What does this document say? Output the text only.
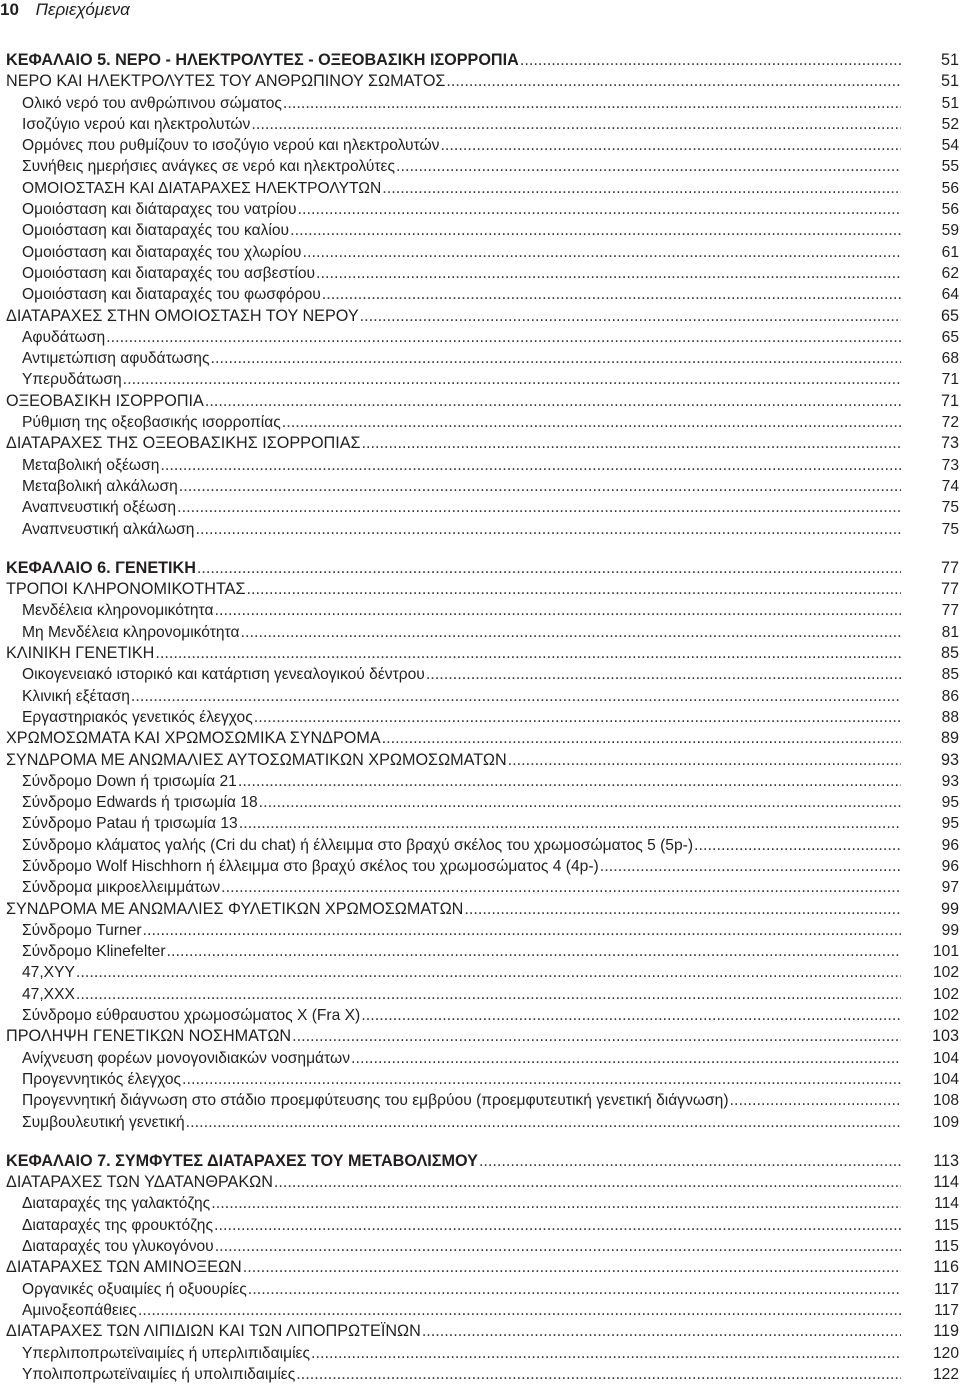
10 Περιεχόμενα
ΚΕΦΑΛΑΙΟ 5. ΝΕΡΟ - ΗΛΕΚΤΡΟΛΥΤΕΣ - ΟΞΕΟΒΑΣΙΚΗ ΙΣΟΡΡΟΠΙΑ .....	51
ΝΕΡΟ ΚΑΙ ΗΛΕΚΤΡΟΛΥΤΕΣ ΤΟΥ ΑΝΘΡΩΠΙΝΟΥ ΣΩΜΑΤΟΣ .....	51
Ολικό νερό του ανθρώπινου σώματος .....	51
Ισοζύγιο νερού και ηλεκτρολυτών .....	52
Ορμόνες που ρυθμίζουν το ισοζύγιο νερού και ηλεκτρολυτών .....	54
Συνήθεις ημερήσιες ανάγκες σε νερό και ηλεκτρολύτες .....	55
ΟΜΟΙΟΣΤΑΣΗ ΚΑΙ ΔΙΑΤΑΡΑΧΕΣ ΗΛΕΚΤΡΟΛΥΤΩΝ .....	56
Ομοιόσταση και διάταραχες του νατρίου .....	56
Ομοιόσταση και διαταραχές του καλίου .....	59
Ομοιόσταση και διαταραχές του χλωρίου .....	61
Ομοιόσταση και διαταραχές του ασβεστίου .....	62
Ομοιόσταση και διαταραχές του φωσφόρου .....	64
ΔΙΑΤΑΡΑΧΕΣ ΣΤΗΝ ΟΜΟΙΟΣΤΑΣΗ ΤΟΥ ΝΕΡΟΥ .....	65
Αφυδάτωση .....	65
Αντιμετώπιση αφυδάτωσης .....	68
Υπερυδάτωση .....	71
ΟΞΕΟΒΑΣΙΚΗ ΙΣΟΡΡΟΠΙΑ .....	71
Ρύθμιση της οξεοβασικής ισορροπίας .....	72
ΔΙΑΤΑΡΑΧΕΣ ΤΗΣ ΟΞΕΟΒΑΣΙΚΗΣ ΙΣΟΡΡΟΠΙΑΣ .....	73
Μεταβολική οξέωση .....	73
Μεταβολική αλκάλωση .....	74
Αναπνευστική οξέωση .....	75
Αναπνευστική αλκάλωση .....	75
ΚΕΦΑΛΑΙΟ 6. ΓΕΝΕΤΙΚΗ .....	77
ΤΡΟΠΟΙ ΚΛΗΡΟΝΟΜΙΚΟΤΗΤΑΣ .....	77
Μενδέλεια κληρονομικότητα .....	77
Μη Μενδέλεια κληρονομικότητα .....	81
ΚΛΙΝΙΚΗ ΓΕΝΕΤΙΚΗ .....	85
Οικογενειακό ιστορικό και κατάρτιση γενεαλογικού δέντρου .....	85
Κλινική εξέταση .....	86
Εργαστηριακός γενετικός έλεγχος .....	88
ΧΡΩΜΟΣΩΜΑΤΑ ΚΑΙ ΧΡΩΜΟΣΩΜΙΚΑ ΣΥΝΔΡΟΜΑ .....	89
ΣΥΝΔΡΟΜΑ ΜΕ ΑΝΩΜΑΛΙΕΣ ΑΥΤΟΣΩΜΑΤΙΚΩΝ ΧΡΩΜΟΣΩΜΑΤΩΝ .....	93
Σύνδρομο Down ή τρισωμία 21 .....	93
Σύνδρομο Edwards ή τρισωμία 18 .....	95
Σύνδρομο Patau ή τρισωμία 13 .....	95
Σύνδρομο κλάματος γαλής (Cri du chat) ή έλλειμμα στο βραχύ σκέλος του χρωμοσώματος 5 (5p-) .....	96
Σύνδρομο Wolf Hischhorn ή έλλειμμα στο βραχύ σκέλος του χρωμοσώματος 4 (4p-) .....	96
Σύνδρομα μικροελλειμμάτων .....	97
ΣΥΝΔΡΟΜΑ ΜΕ ΑΝΩΜΑΛΙΕΣ ΦΥΛΕΤΙΚΩΝ ΧΡΩΜΟΣΩΜΑΤΩΝ .....	99
Σύνδρομο Turner .....	99
Σύνδρομο Klinefelter .....	101
47,XYY .....	102
47,XXX .....	102
Σύνδρομο εύθραυστου χρωμοσώματος X (Fra X) .....	102
ΠΡΟΛΗΨΗ ΓΕΝΕΤΙΚΩΝ ΝΟΣΗΜΑΤΩΝ .....	103
Ανίχνευση φορέων μονογονιδιακών νοσημάτων .....	104
Προγεννητικός έλεγχος .....	104
Προγεννητική διάγνωση στο στάδιο προεμφύτευσης του εμβρύου (προεμφυτευτική γενετική διάγνωση) .....	108
Συμβουλευτική γενετική .....	109
ΚΕΦΑΛΑΙΟ 7. ΣΥΜΦΥΤΕΣ ΔΙΑΤΑΡΑΧΕΣ ΤΟΥ ΜΕΤΑΒΟΛΙΣΜΟΥ .....	113
ΔΙΑΤΑΡΑΧΕΣ ΤΩΝ ΥΔΑΤΑΝΘΡΑΚΩΝ .....	114
Διαταραχές της γαλακτόζης .....	114
Διαταραχές της φρουκτόζης .....	115
Διαταραχές του γλυκογόνου .....	115
ΔΙΑΤΑΡΑΧΕΣ ΤΩΝ ΑΜΙΝΟΞΕΩΝ .....	116
Οργανικές οξυαιμίες ή οξυουρίες .....	117
Αμινοξεοπάθειες .....	117
ΔΙΑΤΑΡΑΧΕΣ ΤΩΝ ΛΙΠΙΔΙΩΝ ΚΑΙ ΤΩΝ ΛΙΠΟΠΡΩΤΕΪΝΩΝ .....	119
Υπερλιποπρωτεϊναιμίες ή υπερλιπιδαιμίες .....	120
Υπολιποπρωτεϊναιμίες ή υπολιπιδαιμίες .....	122
